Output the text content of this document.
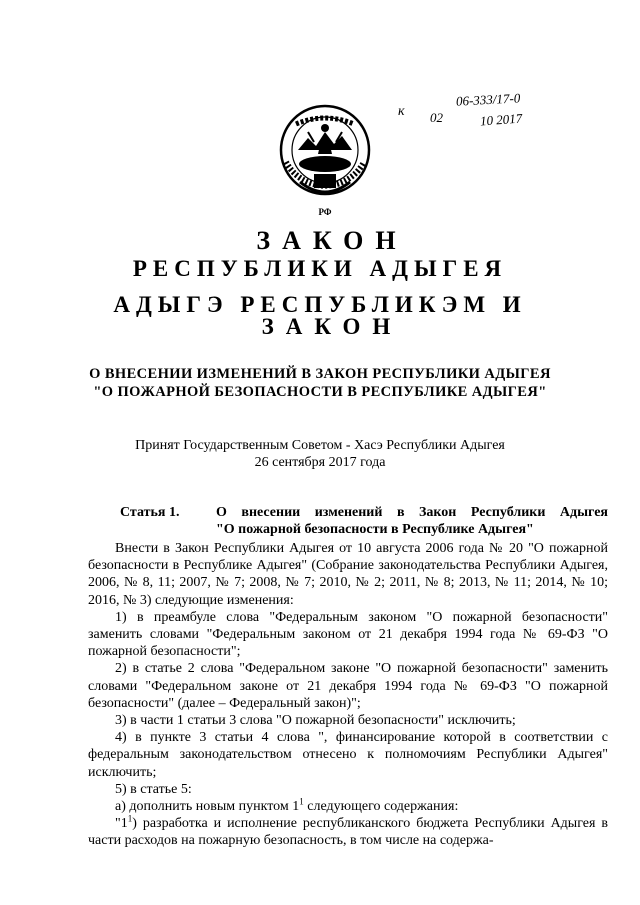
к
06-333/17-0
02	10 2017
РФ
ЗАКОН
РЕСПУБЛИКИ АДЫГЕЯ
АДЫГЭ РЕСПУБЛИКЭМ И
ЗАКОН
О ВНЕСЕНИИ ИЗМЕНЕНИЙ В ЗАКОН РЕСПУБЛИКИ АДЫГЕЯ
"О ПОЖАРНОЙ БЕЗОПАСНОСТИ В РЕСПУБЛИКЕ АДЫГЕЯ"
Принят Государственным Советом - Хасэ Республики Адыгея
26 сентября 2017 года
Статья 1.	О внесении изменений в Закон Республики Адыгея
"О пожарной безопасности в Республике Адыгея"

Внести в Закон Республики Адыгея от 10 августа 2006 года № 20 "О пожарной безопасности в Республике Адыгея" (Собрание законодательства Республики Адыгея, 2006, № 8, 11; 2007, № 7; 2008, № 7; 2010, № 2; 2011, № 8; 2013, № 11; 2014, № 10; 2016, № 3) следующие изменения:

1) в преамбуле слова "Федеральным законом "О пожарной безопасности" заменить словами "Федеральным законом от 21 декабря 1994 года № 69-ФЗ "О пожарной безопасности";

2) в статье 2 слова "Федеральном законе "О пожарной безопасности" заменить словами "Федеральном законе от 21 декабря 1994 года № 69-ФЗ "О пожарной безопасности" (далее – Федеральный закон)";

3) в части 1 статьи 3 слова "О пожарной безопасности" исключить;

4) в пункте 3 статьи 4 слова ", финансирование которой в соответствии с федеральным законодательством отнесено к полномочиям Республики Адыгея" исключить;

5) в статье 5:

а) дополнить новым пунктом $1^1$ следующего содержания:

"$1^1$) разработка и исполнение республиканского бюджета Республики Адыгея в части расходов на пожарную безопасность, в том числе на содержа-
